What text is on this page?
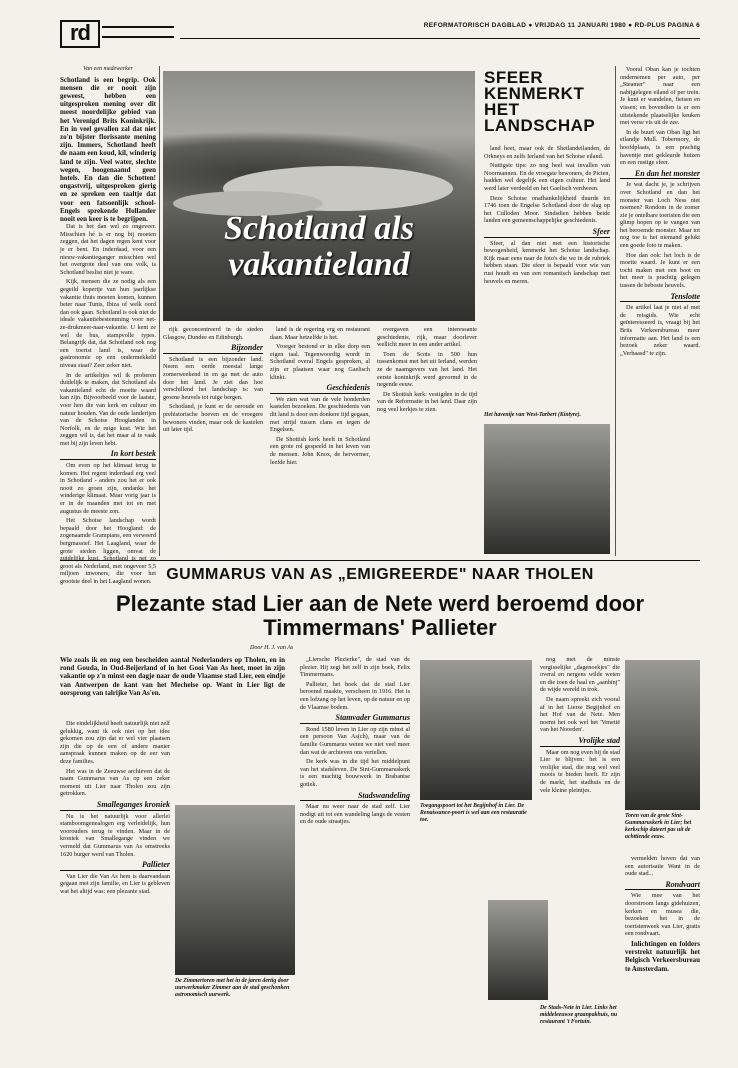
rd	REFORMATORISCH DAGBLAD ● VRIJDAG 11 JANUARI 1980 ● RD-PLUS PAGINA 6
Van een medewerker
Schotland is een begrip. Ook mensen die er nooit zijn geweest, hebben een uitgesproken mening over dit meest noordelijke gebied van het Verenigd Brits Koninkrijk. En in veel gevallen zal dat niet zo'n bijster florissante mening zijn. Immers, Schotland heeft de naam een koud, kil, winderig land te zijn. Veel water, slechte wegen, hoogenaamd geen hotels. En dan die Schotten! ongastvrij, uitgesproken gierig en ze spreken een taaltje dat voor een fatsoenlijk school-Engels sprekende Hollander nooit een keer is te begrijpen.

Dat is het dan wel zo ongeveer. Misschien hé is er nog bij moeten zeggen, dat het dagen regen kent voor je er bent. En inderdaad, voor een nieuw-vakantieganger misschien wel het overgrote deel van ons volk, is Schotland beslist niet je ware.

Kijk, mensen die ze nodig als een gegeild kopertje van hun jaarlijkse vakantie thuis moeten komen, kunnen beter naar Tunis, Ibiza of welk oord dan ook gaan. Schotland is ook niet de ideale vakantiebestemming voor net-ze-drukmeer-naar-vakantie. U kent ze wel de bus, stampvolle types. Belangrijk dat, dat Schotland ook nog een toerist land is, waar de gastronomie op een ondermekkeld niveau staat? Zeer zeker niet.

In de artikeltjes wil ik proberen duidelijk te maken, dat Schotland als vakantieland echt de moeite waard kan zijn. Bijvoorbeeld voor de laatste, voor hen die van kerk en cultuur en natuur houden. Van de oude landerijen van de Schotse Hooglanden in Norfolk, en de ruige kust. Wie het zeggen wil is, dat het maar al te vaak met bij zijn leven hebt.

In kort bestek

Om even op het klimaat terug te komen. Het regent inderdaad erg veel in Schotland - anders zou het er ook nooit zo groen zijn, ondanks het winderige klimaat. Maar vorig jaar is er in de maanden mei tot en met augustus de meeste zon.

Het Schotse landschap wordt bepaald door het Hoogland: de zogenaamde Grampians, een verweerd bergmassief. Het Laagland, waar de grote steden liggen, omvat de zuidelijke kust. Schotland is net zo groot als Nederland, met ongeveer 5,5 miljoen inwoners, die voor het grootste deel in het Laagland wonen.

Schotland als vakantieland
SFEER KENMERKT HET LANDSCHAP

land heet, maar ook de Shetlandeilanden, de Orkneys en zelfs Ierland van het Schotse eiland.

Nuttigste tips: zo nog heel wat invallen van Noormannen. En de vroegste bewoners, de Picten, hadden wel degelijk een eigen cultuur. Het land werd later verdeeld en het Gaelisch verdween.

Deze Schotse onafhankelijkheid duurde tot 1746 toen de Engelse Schotland door de slag op het Culloden Moor. Sindsdien hebben beide landen een gemeenschappelijke geschiedenis.

Sfeer

Sfeer, al dan niet met een historische bewogenheid, kenmerkt het Schotse landschap. Kijk maar eens naar de foto's die we in de rubriek hebben staan. Die sfeer is bepaald voor wie van rust houdt en van een romantisch landschap met heuvels en meren.

Vooral Oban kan je tochten ondernemen per auto, per „Steamer" naar een nabijgelegen eiland of per trein. Je kunt er wandelen, fietsen en vissen; en bovendien is er een uitstekende plaatselijke keuken met verse vis uit de zee.

In de buurt van Oban ligt het eilandje Mull. Tobermory, de hoofdplaats, is een prachtig haventje met gekleurde huizen en een rustige sfeer.

En dan het monster

Je wat dacht je, je schrijven over Schotland en dan het monster van Loch Ness niet noemen? Rondom in de zomer zie je ontelbare toeristen die een glimp hopen op te vangen van het beroemde monster. Maar tot nog toe is het niemand gelukt een goede foto te maken.

Hoe dan ook: het loch is de moeite waard. Je kunt er een tocht maken met een boot en het meer is prachtig gelegen tussen de beboste heuvels.

Tenslotte

De artikel laat je niet af met de reisgids. Wie echt geïnteresseerd is, vraagt bij het Brits Verkeersbureau meer informatie aan. Het land is een bezoek zeker waard. „Verbaasd" te zijn.

rijk geconcentreerd in de steden Glasgow, Dundee en Edinburgh.

Bijzonder

Schotland is een bijzonder land. Neem een oerde meestal lange zomerweekend in en ga met de auto door het land. Je ziet dan hoe verschillend het landschap is: van groene heuvels tot ruige bergen.

Schotland, je kunt er de oeroude en prehistorische hoeven en de vroegere bewoners vinden, maar ook de kastelen uit later tijd.

land is de regering erg en restaurant daan. Maar hetzelfde is het.

Vroeger bestond er in elke dorp een eigen taal. Tegenwoordig wordt in Schotland overal Engels gesproken, al zijn er plaatsen waar nog Gaelisch klinkt.

Geschiedenis

We zien wat van de vele honderden kastelen bezoeken. De geschiedenis van dit land is door een donkere tijd gegaan, met strijd tussen clans en tegen de Engelsen.

De Shottish kerk heeft in Schotland een grote rol gespeeld in het leven van de mensen. John Knox, de hervormer, leefde hier.

overgaven een interessante geschiedenis, rijk, maar doorlever wellicht meer in een ander artikel.

Toen de Scots in 500 hun tussenkomst met het uit Ierland, werden ze de naamgevers van het land. Het eerste koninkrijk werd gevormd in de negende eeuw.

De Shottish kerk: vestigden in de tijd van de Reformatie in het land. Daar zijn nog veel kerkjes te zien.

Het havenije van West-Tarbert (Kintyre).
GUMMARUS VAN AS „EMIGREERDE" NAAR THOLEN
Plezante stad Lier aan de Nete werd beroemd door Timmermans' Pallieter
Door H. J. van As
Wie zoals ik en nog een bescheiden aantal Nederlanders op Tholen, en in rond Gouda, in Oud-Beijerland of in het Gooi Van As heet, moet in zijn vakantie op z'n minst een dagje naar de oude Vlaamse stad Lier, een eindje van Antwerpen de kant van het Mechelse op. Want in Lier ligt de oorsprong van talrijke Van As'en.

Die eindelijkheid heeft natuurlijk niet zelf gelukkig, want ik ook niet op het idee gekomen zou zijn dat er wel vier plaatsen zijn die op de een of andere manier aanspraak kunnen maken op de eer van deze families.

Het was in de Zeeuwse archieven dat de naam Gummarus van As op een zeker moment uit Lier naar Tholen zou zijn getrokken.

Smalleganges kroniek

Nu is het natuurlijk voor allerlei stamboomgenealogen erg verleidelijk, hun voorouders terug te vinden. Maar in de kroniek van Smallegange vinden we vermeld dat Gummarus van As omstreeks 1620 burger werd van Tholen.

Pallieter

Van Lier die Van As hem is daarvandaan gegaan met zijn familie, en Lier is gebleven wat het altijd was: een plezante stad.

De Zimmertoren met het in de jaren dertig door uurwerkmaker Zimmer aan de stad geschonken astronomisch uurwerk.

„Liersche Plezierke", de stad van de plezier. Hij zegt het zelf in zijn boek, Felix Timmermans.

Pallieter, het boek dat de stad Lier beroemd maakte, verscheen in 1916. Het is een lofzang op het leven, op de natuur en op de Vlaamse bodem.

Stamvader Gummarus

Rond 1580 leven in Lier op zijn minst al een persoon Van As(ch), maar van de familie Gummarus weten we niet veel meer dan wat de archieven ons vertellen.

De kerk was in die tijd het middelpunt van het stadsleven. De Sint-Gummaruskerk is een machtig bouwwerk in Brabantse gotiek.

Stadswandeling

Maar nu weer naar de stad zelf. Lier nodigt uit tot een wandeling langs de vesten en de oude straatjes.

Toegangspoort tot het Begijnhof in Lier. De Renaissance-poort is wel aan een restauratie toe.

nog met de minste vergisselijke „dagenoekjes" die overal en nergens wilde weten en die toen de haal en „aanbinj" de wijde wereld in trok.

De naam spreekt zich vooral af in het Lierse Begijnhof en het Hof van de Nete. Men noemt het ook wel het 'Venetië van het Noorden'.

Vrolijke stad

Maar om nog even bij de stad Lier te blijven: het is een vrolijke stad, die nog wel veel moois te bieden heeft. Er zijn de markt, het stadhuis en de vele kleine pleintjes.

De Stads-Nete in Lier. Links het middeleeuwse graanpakhuis, nu restaurant 't Fortuin.
Toren van de grote Sint-Gummaruskerk in Lier; het kerkschip dateert pas uit de achttiende eeuw.

vermelden hoven dat van een autorisatie Want in de oude stad...

Rondvaart

Wie mee van het doorstroom langs gidehuizen, kerken en musea die, bezoeken het in de toeristenweek van Lier, gratis een rondvaart.

Inlichtingen en folders verstrekt natuurlijk het Belgisch Verkeersbureau te Amsterdam.
